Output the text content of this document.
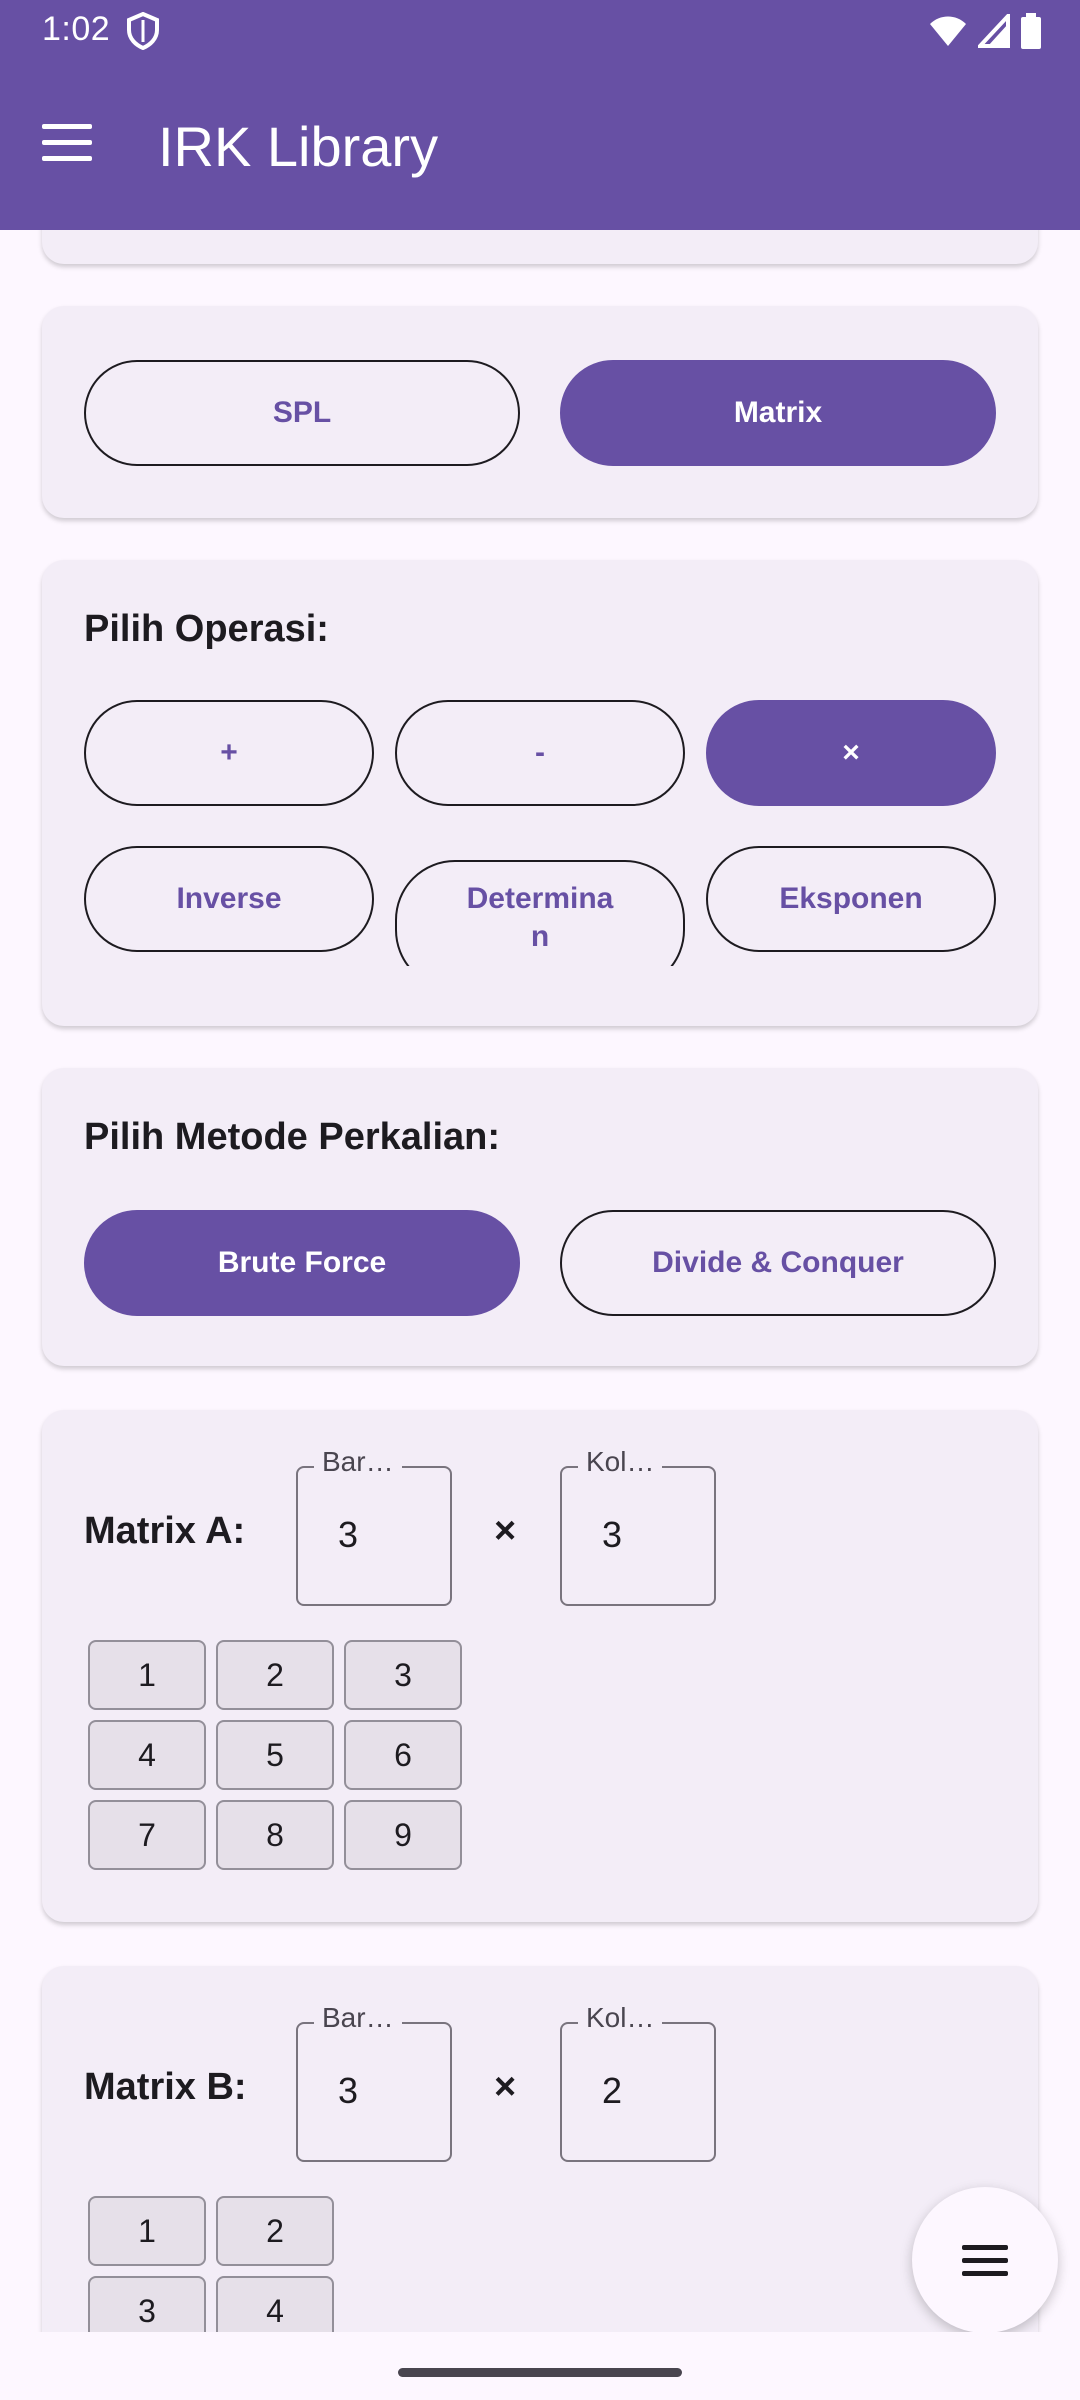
1:02
IRK Library
SPL	Matrix
Pilih Operasi:
+	-	×
Inverse	Determina
n
Eksponen
Pilih Metode Perkalian:
Brute Force	Divide & Conquer
Matrix A:
Bar…
3	×
Kol…
3
1	2	3
4	5	6
7	8	9
Matrix B:
Bar…
3	×
Kol…
2
1	2
3	4
